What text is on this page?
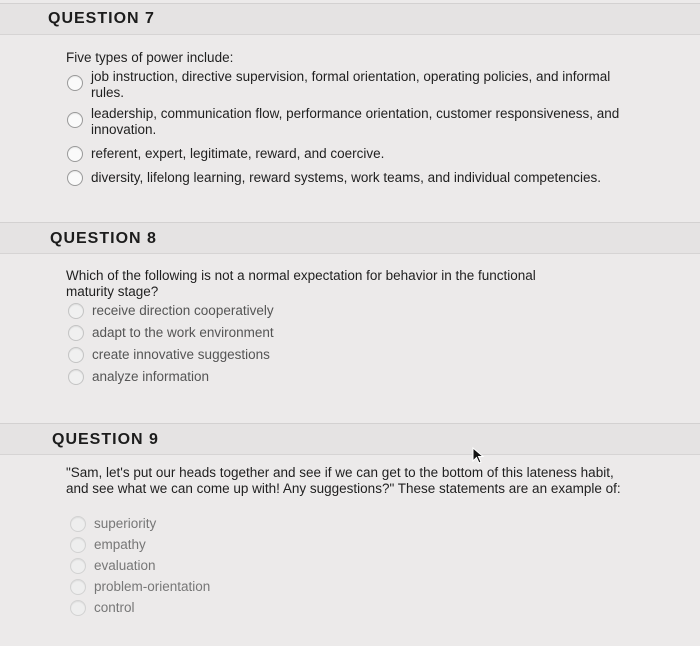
QUESTION 7
Five types of power include:
job instruction, directive supervision, formal orientation, operating policies, and informal rules.
leadership, communication flow, performance orientation, customer responsiveness, and innovation.
referent, expert, legitimate, reward, and coercive.
diversity, lifelong learning, reward systems, work teams, and individual competencies.
QUESTION 8
Which of the following is not a normal expectation for behavior in the functional maturity stage?
receive direction cooperatively
adapt to the work environment
create innovative suggestions
analyze information
QUESTION 9
"Sam, let's put our heads together and see if we can get to the bottom of this lateness habit, and see what we can come up with! Any suggestions?" These statements are an example of:
superiority
empathy
evaluation
problem-orientation
control
